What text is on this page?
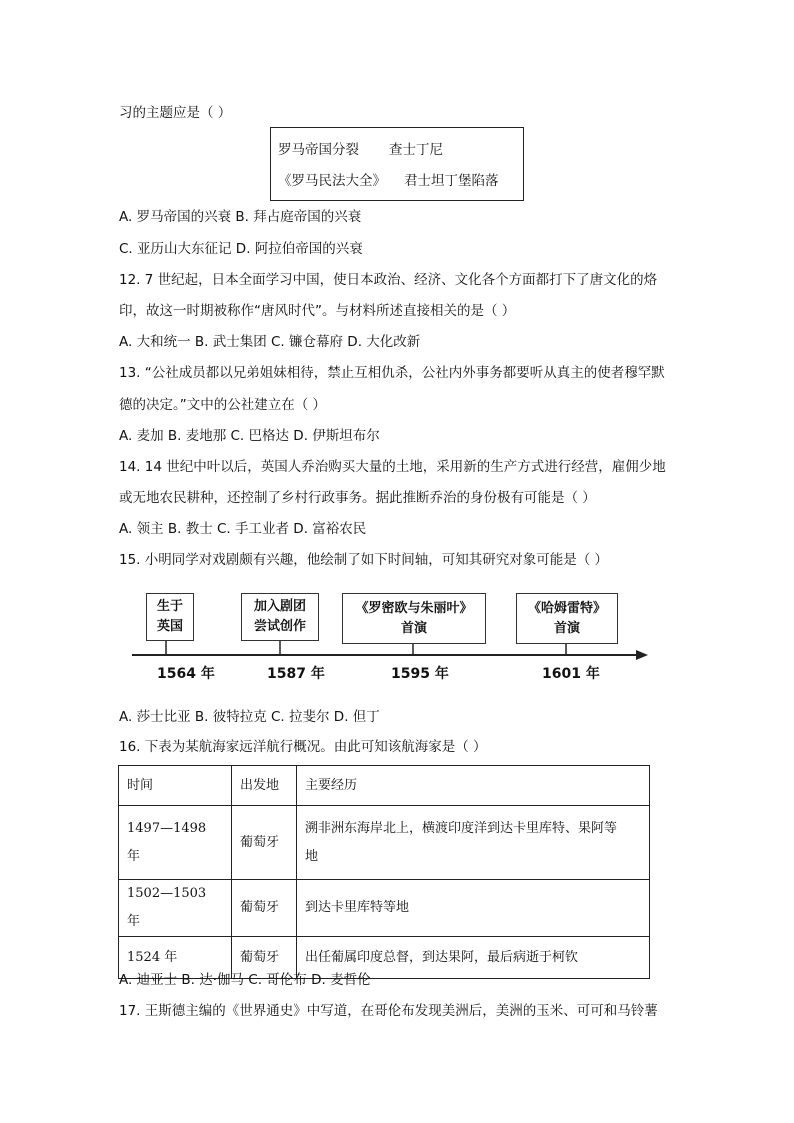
习的主题应是（ ）
罗马帝国分裂 查士丁尼
《罗马民法大全》 君士坦丁堡陷落
A. 罗马帝国的兴衰 B. 拜占庭帝国的兴衰
C. 亚历山大东征记 D. 阿拉伯帝国的兴衰
12. 7 世纪起，日本全面学习中国，使日本政治、经济、文化各个方面都打下了唐文化的烙
印，故这一时期被称作“唐风时代”。与材料所述直接相关的是（ ）
A. 大和统一 B. 武士集团 C. 镰仓幕府 D. 大化改新
13. “公社成员都以兄弟姐妹相待，禁止互相仇杀，公社内外事务都要听从真主的使者穆罕默
德的决定。”文中的公社建立在（ ）
A. 麦加 B. 麦地那 C. 巴格达 D. 伊斯坦布尔
14. 14 世纪中叶以后，英国人乔治购买大量的土地，采用新的生产方式进行经营，雇佣少地
或无地农民耕种，还控制了乡村行政事务。据此推断乔治的身份极有可能是（ ）
A. 领主 B. 教士 C. 手工业者 D. 富裕农民
15. 小明同学对戏剧颇有兴趣，他绘制了如下时间轴，可知其研究对象可能是（ ）
生于
英国
加入剧团
尝试创作
《罗密欧与朱丽叶》
首演
《哈姆雷特》
首演
1564 年	1587 年	1595 年	1601 年
A. 莎士比亚 B. 彼特拉克 C. 拉斐尔 D. 但丁
16. 下表为某航海家远洋航行概况。由此可知该航海家是（ ）
时间	出发地	主要经历
1497—1498 年	葡萄牙	溯非洲东海岸北上，横渡印度洋到达卡里库特、果阿等
地

1502—1503 年	葡萄牙	到达卡里库特等地
1524 年	葡萄牙	出任葡属印度总督，到达果阿，最后病逝于柯钦
A. 迪亚士 B. 达·伽马 C. 哥伦布 D. 麦哲伦
17. 王斯德主编的《世界通史》中写道，在哥伦布发现美洲后，美洲的玉米、可可和马铃薯
